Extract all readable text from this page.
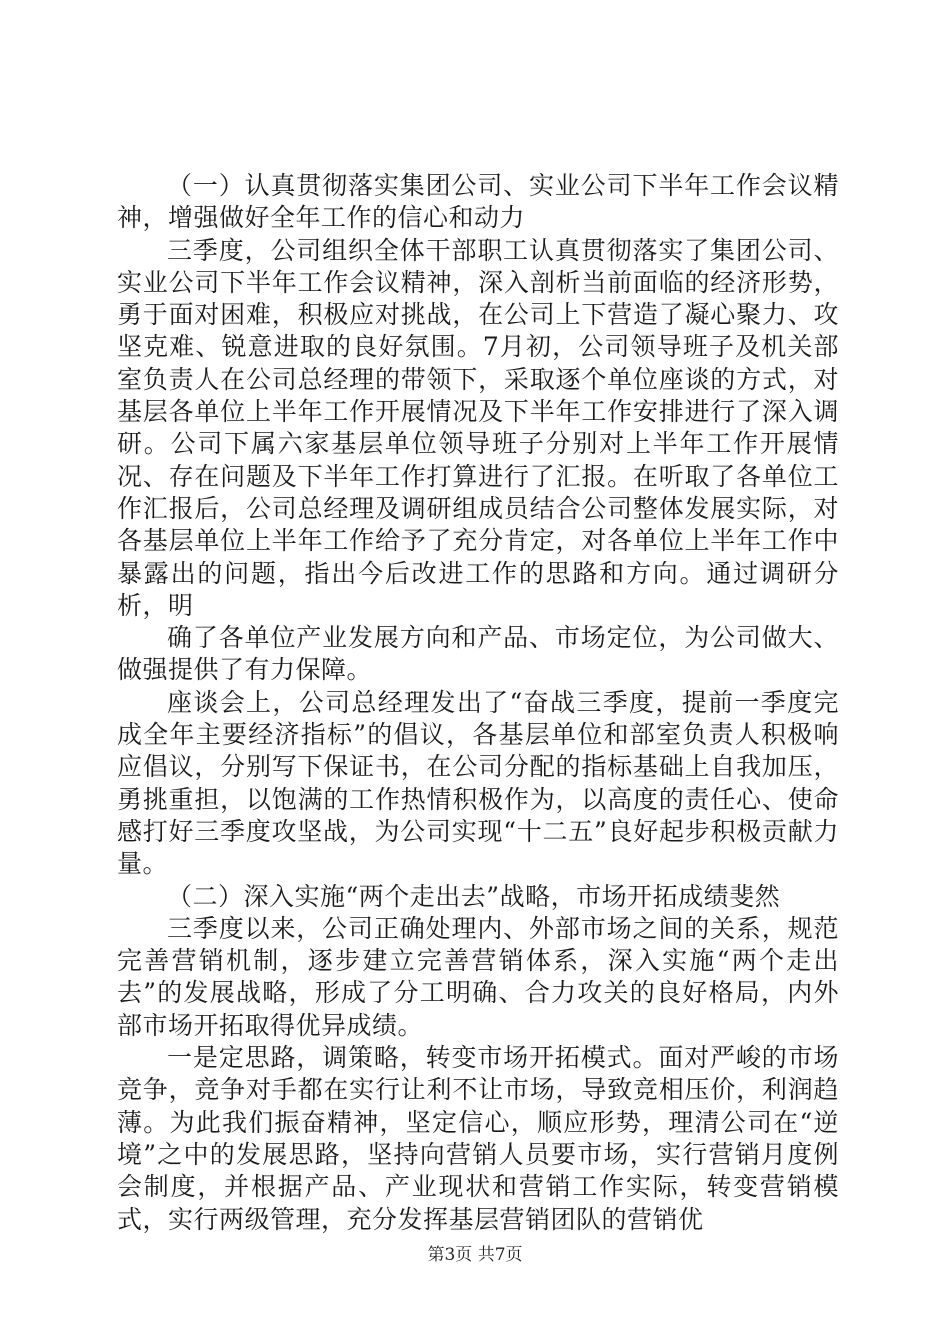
（一）认真贯彻落实集团公司、实业公司下半年工作会议精神，增强做好全年工作的信心和动力

三季度，公司组织全体干部职工认真贯彻落实了集团公司、实业公司下半年工作会议精神，深入剖析当前面临的经济形势，勇于面对困难，积极应对挑战，在公司上下营造了凝心聚力、攻坚克难、锐意进取的良好氛围。7月初，公司领导班子及机关部室负责人在公司总经理的带领下，采取逐个单位座谈的方式，对基层各单位上半年工作开展情况及下半年工作安排进行了深入调研。公司下属六家基层单位领导班子分别对上半年工作开展情况、存在问题及下半年工作打算进行了汇报。在听取了各单位工作汇报后，公司总经理及调研组成员结合公司整体发展实际，对各基层单位上半年工作给予了充分肯定，对各单位上半年工作中暴露出的问题，指出今后改进工作的思路和方向。通过调研分析，明

确了各单位产业发展方向和产品、市场定位，为公司做大、做强提供了有力保障。

座谈会上，公司总经理发出了“奋战三季度，提前一季度完成全年主要经济指标”的倡议，各基层单位和部室负责人积极响应倡议，分别写下保证书，在公司分配的指标基础上自我加压，勇挑重担，以饱满的工作热情积极作为，以高度的责任心、使命感打好三季度攻坚战，为公司实现“十二五”良好起步积极贡献力量。

（二）深入实施“两个走出去”战略，市场开拓成绩斐然

三季度以来，公司正确处理内、外部市场之间的关系，规范完善营销机制，逐步建立完善营销体系，深入实施“两个走出去”的发展战略，形成了分工明确、合力攻关的良好格局，内外部市场开拓取得优异成绩。

一是定思路，调策略，转变市场开拓模式。面对严峻的市场竞争，竞争对手都在实行让利不让市场，导致竞相压价，利润趋薄。为此我们振奋精神，坚定信心，顺应形势，理清公司在“逆境”之中的发展思路，坚持向营销人员要市场，实行营销月度例会制度，并根据产品、产业现状和营销工作实际，转变营销模式，实行两级管理，充分发挥基层营销团队的营销优

第3页 共7页
